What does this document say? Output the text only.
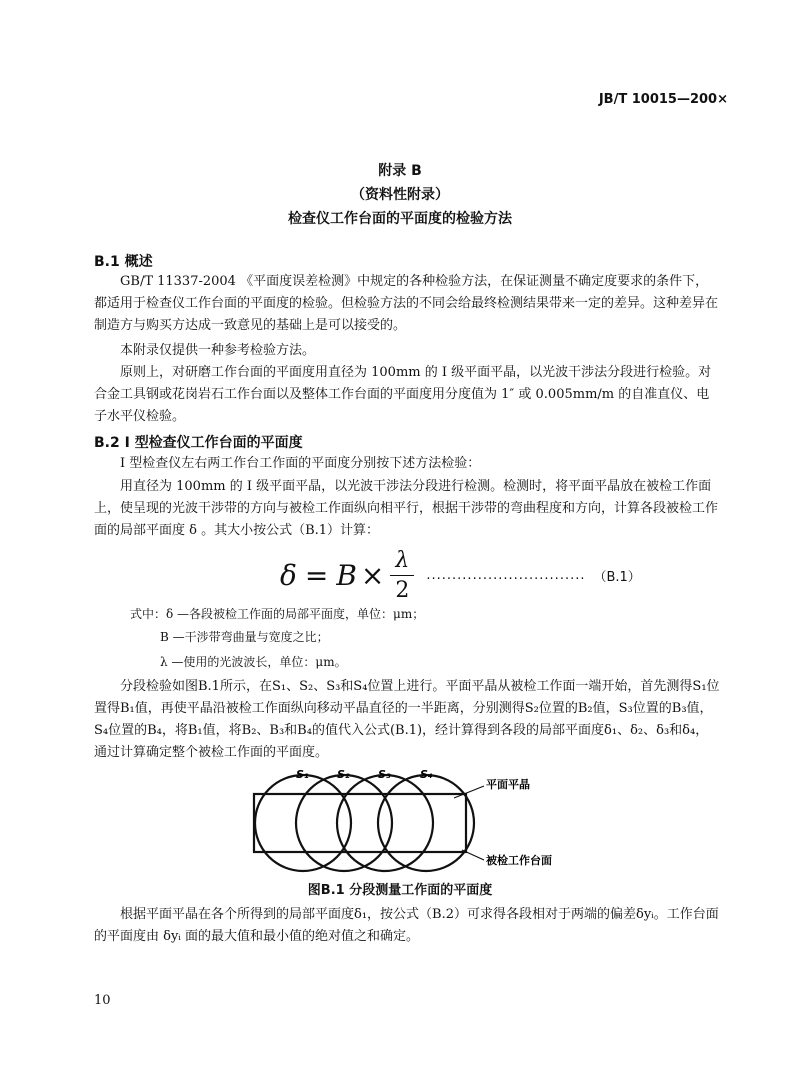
JB/T 10015—200×
附录 B
（资料性附录）
检查仪工作台面的平面度的检验方法
B.1 概述
GB/T 11337-2004 《平面度误差检测》中规定的各种检验方法，在保证测量不确定度要求的条件下，都适用于检查仪工作台面的平面度的检验。但检验方法的不同会给最终检测结果带来一定的差异。这种差异在制造方与购买方达成一致意见的基础上是可以接受的。
本附录仅提供一种参考检验方法。
原则上，对研磨工作台面的平面度用直径为 100mm 的 I 级平面平晶，以光波干涉法分段进行检验。对合金工具钢或花岗岩石工作台面以及整体工作台面的平面度用分度值为 1″ 或 0.005mm/m 的自准直仪、电子水平仪检验。
B.2 I 型检查仪工作台面的平面度
I 型检查仪左右两工作台工作面的平面度分别按下述方法检验：
用直径为 100mm 的 I 级平面平晶，以光波干涉法分段进行检测。检测时，将平面平晶放在被检工作面上，使呈现的光波干涉带的方向与被检工作面纵向相平行，根据干涉带的弯曲程度和方向，计算各段被检工作面的局部平面度 δ 。其大小按公式（B.1）计算：
$\delta = B \times \frac{\lambda}{2}$ ............................... （B.1）
式中：δ —各段被检工作面的局部平面度，单位：μm；
B —干涉带弯曲量与宽度之比；
λ —使用的光波波长，单位：μm。
分段检验如图B.1所示，在S₁、S₂、S₃和S₄位置上进行。平面平晶从被检工作面一端开始，首先测得S₁位置得B₁值，再使平晶沿被检工作面纵向移动平晶直径的一半距离，分别测得S₂位置的B₂值，S₃位置的B₃值，S₄位置的B₄，将B₁值，将B₂、B₃和B₄的值代入公式(B.1)，经计算得到各段的局部平面度δ₁、δ₂、δ₃和δ₄，通过计算确定整个被检工作面的平面度。
S₁	S₂	S₃	S₄
平面平晶
被检工作台面
图B.1 分段测量工作面的平面度
根据平面平晶在各个所得到的局部平面度δ₁，按公式（B.2）可求得各段相对于两端的偏差δyᵢ。工作台面的平面度由 δyᵢ 面的最大值和最小值的绝对值之和确定。
10
